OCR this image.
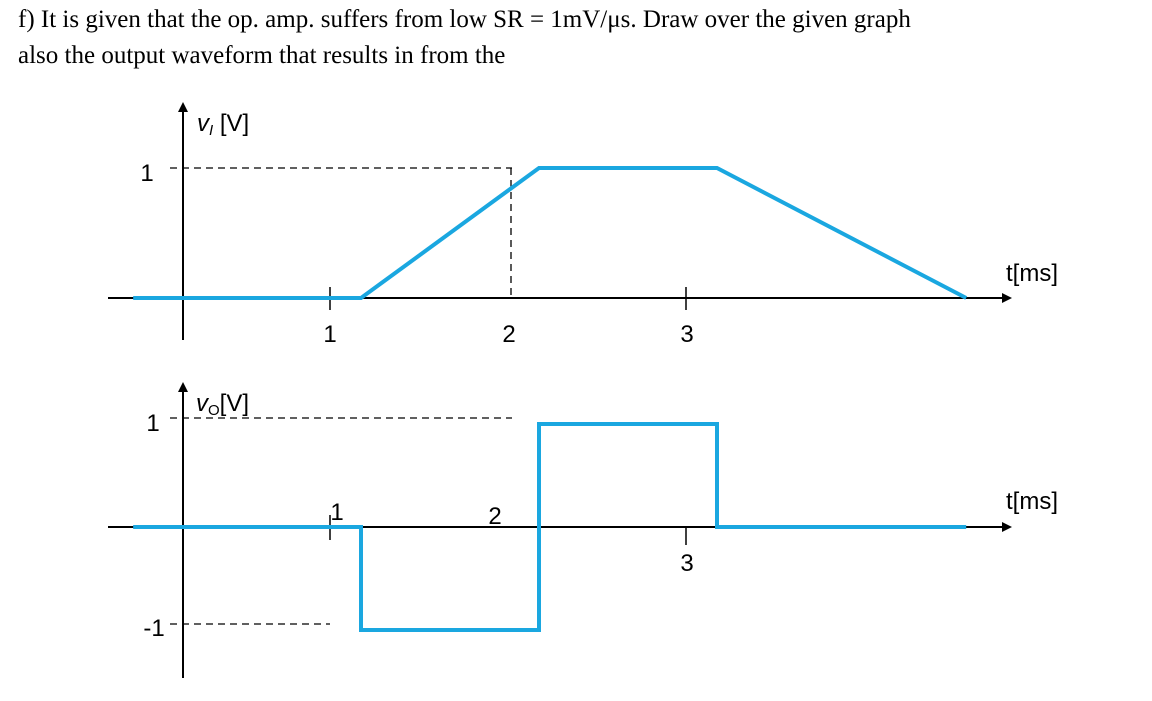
f) It is given that the op. amp. suffers from low SR = 1mV/μs. Draw over the given graph
also the output waveform that results in from the
1
1	2	3
vI [V]
t[ms]
1
-1
1	2
3
vO[V]
t[ms]
